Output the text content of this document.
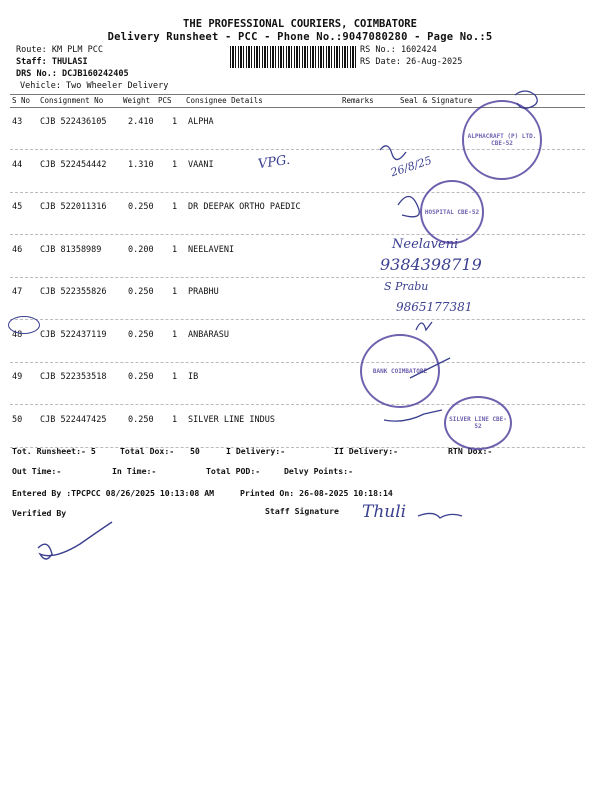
THE PROFESSIONAL COURIERS, COIMBATORE
Delivery Runsheet - PCC - Phone No.:9047080280 - Page No.:5
Route: KM PLM PCC
Staff: THULASI
DRS No.: DCJB160242405
Vehicle: Two Wheeler Delivery
RS No.: 1602424
RS Date: 26-Aug-2025
S No Consignment No	Weight PCS Consignee Details	Remarks	Seal & Signature
43 CJB 522436105	2.410 1 ALPHA
44 CJB 522454442	1.310 1 VAANI
45 CJB 522011316	0.250 1 DR DEEPAK ORTHO PAEDIC
46 CJB 81358989	0.200 1 NEELAVENI
47 CJB 522355826	0.250 1 PRABHU
48 CJB 522437119	0.250 1 ANBARASU
49 CJB 522353518	0.250 1 IB
50 CJB 522447425	0.250 1 SILVER LINE INDUS
Tot. Runsheet:- 5	Total Dox:- 50	I Delivery:-	II Delivery:-	RTN Dox:-
Out Time:-	In Time:-	Total POD:-	Delvy Points:-
Entered By :TPCPCC 08/26/2025 10:13:08 AM	Printed On: 26-08-2025 10:18:14
Verified By	Staff Signature
VPG.	26/8/25
Neelaveni
9384398719
S Prabu
9865177381
Thuli
ALPHACRAFT (P) LTD. CBE-52
HOSPITAL CBE-52
BANK COIMBATORE
SILVER LINE CBE-52
